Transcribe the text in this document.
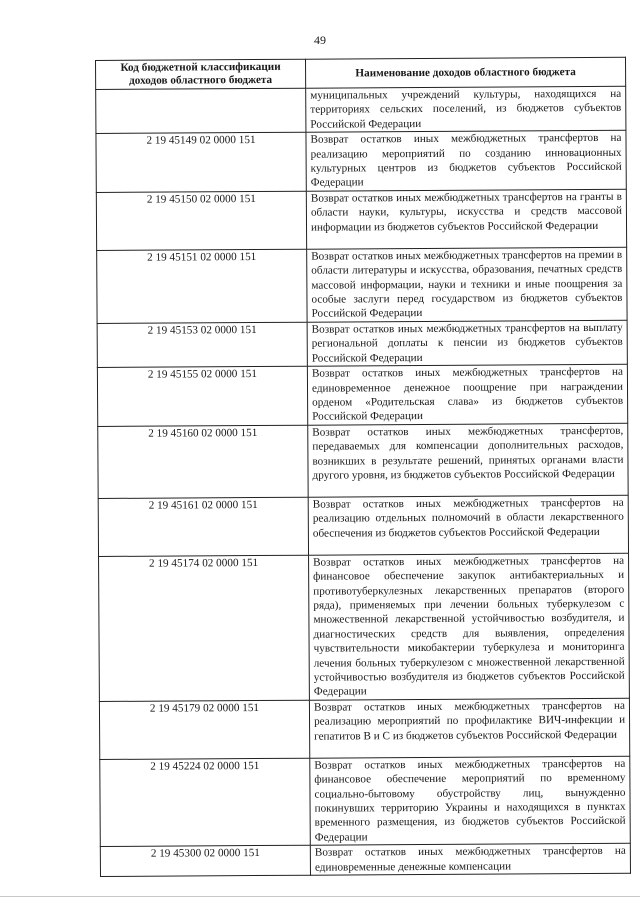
49
Код бюджетной классификации доходов областного бюджета	Наименование доходов областного бюджета
	муниципальных учреждений культуры, находящихся на территориях сельских поселений, из бюджетов субъектов Российской Федерации
2 19 45149 02 0000 151	Возврат остатков иных межбюджетных трансфертов на реализацию мероприятий по созданию инновационных культурных центров из бюджетов субъектов Российской Федерации
2 19 45150 02 0000 151	Возврат остатков иных межбюджетных трансфертов на гранты в области науки, культуры, искусства и средств массовой информации из бюджетов субъектов Российской Федерации
2 19 45151 02 0000 151	Возврат остатков иных межбюджетных трансфертов на премии в области литературы и искусства, образования, печатных средств массовой информации, науки и техники и иные поощрения за особые заслуги перед государством из бюджетов субъектов Российской Федерации
2 19 45153 02 0000 151	Возврат остатков иных межбюджетных трансфертов на выплату региональной доплаты к пенсии из бюджетов субъектов Российской Федерации
2 19 45155 02 0000 151	Возврат остатков иных межбюджетных трансфертов на единовременное денежное поощрение при награждении орденом «Родительская слава» из бюджетов субъектов Российской Федерации
2 19 45160 02 0000 151	Возврат остатков иных межбюджетных трансфертов, передаваемых для компенсации дополнительных расходов, возникших в результате решений, принятых органами власти другого уровня, из бюджетов субъектов Российской Федерации
2 19 45161 02 0000 151	Возврат остатков иных межбюджетных трансфертов на реализацию отдельных полномочий в области лекарственного обеспечения из бюджетов субъектов Российской Федерации
2 19 45174 02 0000 151	Возврат остатков иных межбюджетных трансфертов на финансовое обеспечение закупок антибактериальных и противотуберкулезных лекарственных препаратов (второго ряда), применяемых при лечении больных туберкулезом с множественной лекарственной устойчивостью возбудителя, и диагностических средств для выявления, определения чувствительности микобактерии туберкулеза и мониторинга лечения больных туберкулезом с множественной лекарственной устойчивостью возбудителя из бюджетов субъектов Российской Федерации
2 19 45179 02 0000 151	Возврат остатков иных межбюджетных трансфертов на реализацию мероприятий по профилактике ВИЧ-инфекции и гепатитов B и C из бюджетов субъектов Российской Федерации
2 19 45224 02 0000 151	Возврат остатков иных межбюджетных трансфертов на финансовое обеспечение мероприятий по временному социально-бытовому обустройству лиц, вынужденно покинувших территорию Украины и находящихся в пунктах временного размещения, из бюджетов субъектов Российской Федерации
2 19 45300 02 0000 151	Возврат остатков иных межбюджетных трансфертов на единовременные денежные компенсации
